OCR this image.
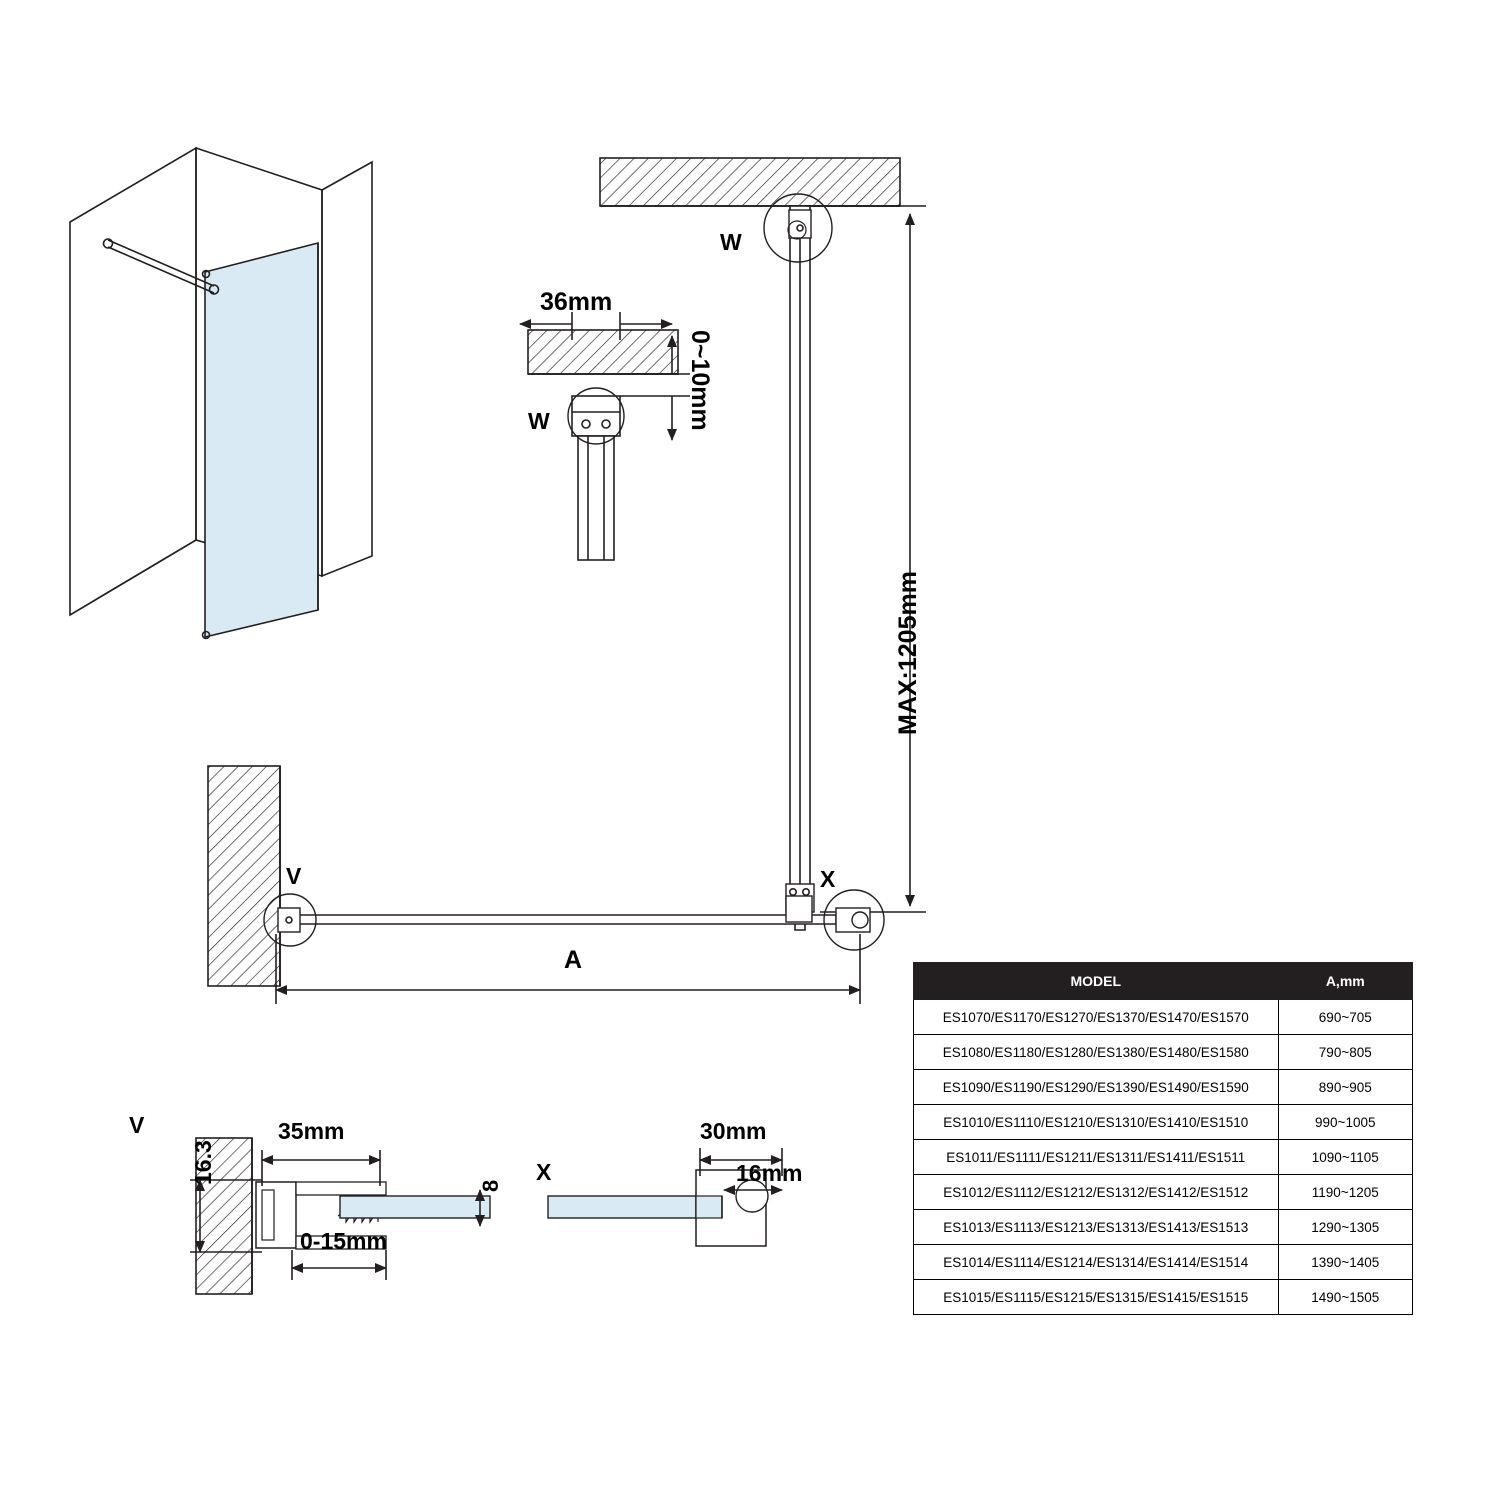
W
W
V	X
V
X
36mm
0~10mm
MAX:1205mm
A
35mm
16.3
0-15mm
8
30mm
16mm
MODEL	A,mm
ES1070/ES1170/ES1270/ES1370/ES1470/ES1570	690~705
ES1080/ES1180/ES1280/ES1380/ES1480/ES1580	790~805
ES1090/ES1190/ES1290/ES1390/ES1490/ES1590	890~905
ES1010/ES1110/ES1210/ES1310/ES1410/ES1510	990~1005
ES1011/ES1111/ES1211/ES1311/ES1411/ES1511	1090~1105
ES1012/ES1112/ES1212/ES1312/ES1412/ES1512	1190~1205
ES1013/ES1113/ES1213/ES1313/ES1413/ES1513	1290~1305
ES1014/ES1114/ES1214/ES1314/ES1414/ES1514	1390~1405
ES1015/ES1115/ES1215/ES1315/ES1415/ES1515	1490~1505
